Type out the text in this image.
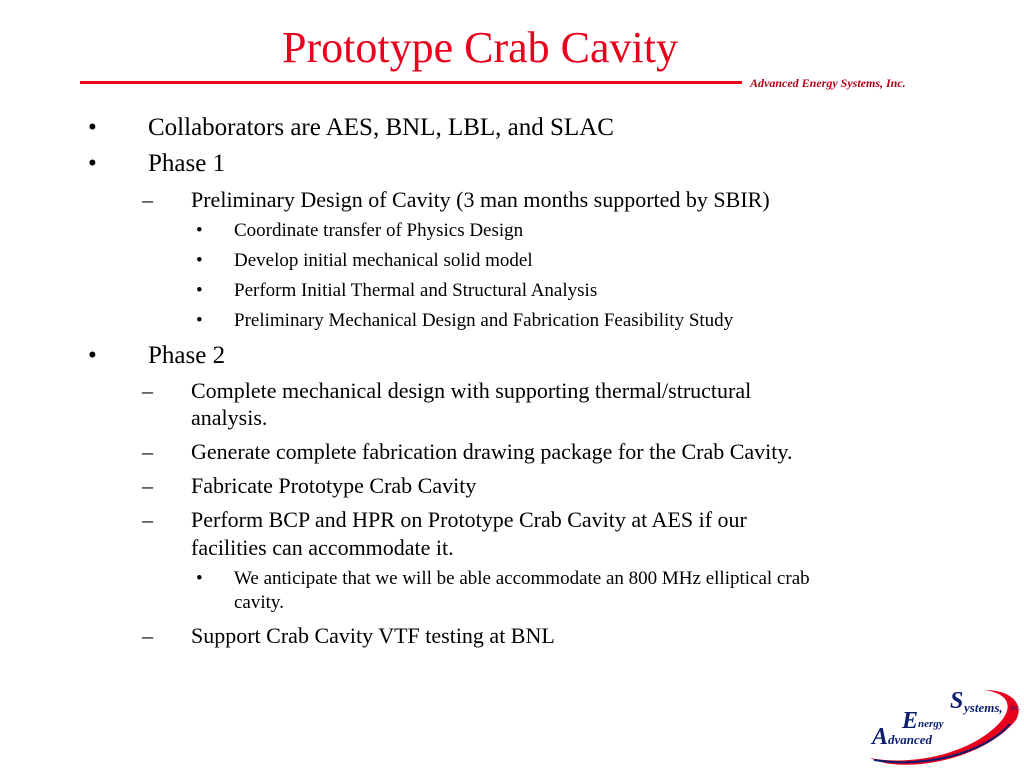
Prototype Crab Cavity
Advanced Energy Systems, Inc.
• Collaborators are AES, BNL, LBL, and SLAC
• Phase 1
– Preliminary Design of Cavity (3 man months supported by SBIR)
• Coordinate transfer of Physics Design
• Develop initial mechanical solid model
• Perform Initial Thermal and Structural Analysis
• Preliminary Mechanical Design and Fabrication Feasibility Study
• Phase 2
– Complete mechanical design with supporting thermal/structural
analysis.
– Generate complete fabrication drawing package for the Crab Cavity.
– Fabricate Prototype Crab Cavity
– Perform BCP and HPR on Prototype Crab Cavity at AES if our
facilities can accommodate it.
• We anticipate that we will be able accommodate an 800 MHz elliptical crab
cavity.
– Support Crab Cavity VTF testing at BNL
S ystems, Inc.
E nergy
A dvanced
